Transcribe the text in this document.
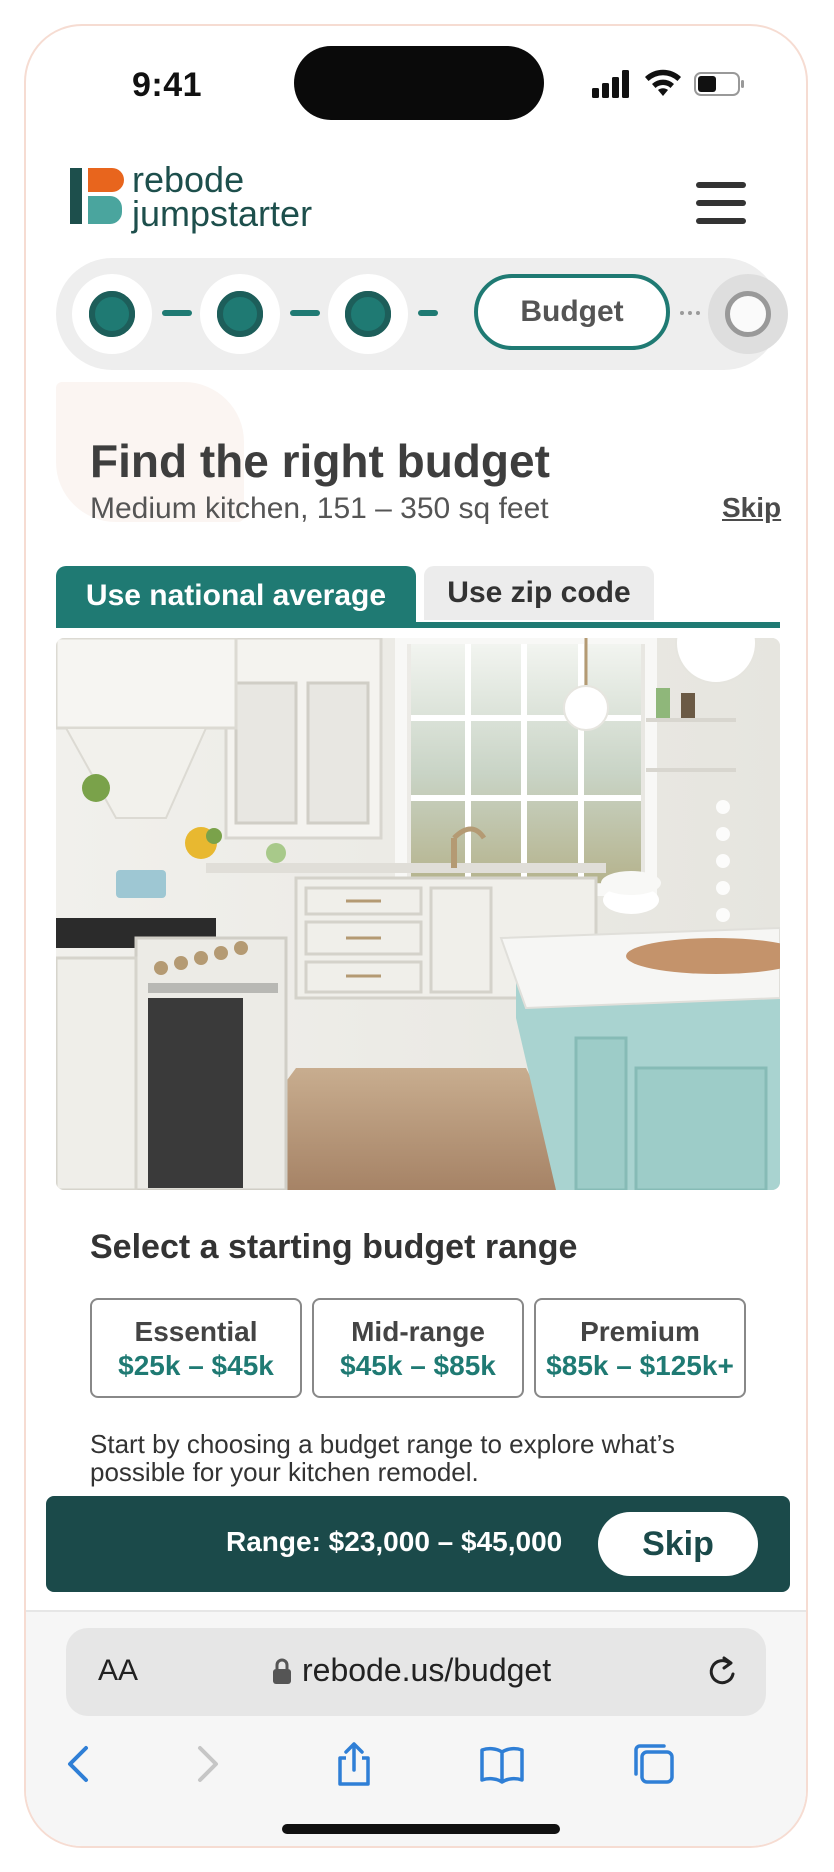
9:41
rebode
jumpstarter
Budget
Find the right budget
Medium kitchen, 151 – 350 sq feet	Skip
Use national average	Use zip code
Select a starting budget range
Essential
$25k – $45k
Mid-range
$45k – $85k
Premium
$85k – $125k+
Start by choosing a budget range to explore what’s possible for your kitchen remodel.
Range: $23,000 – $45,000	Skip
AA	rebode.us/budget
